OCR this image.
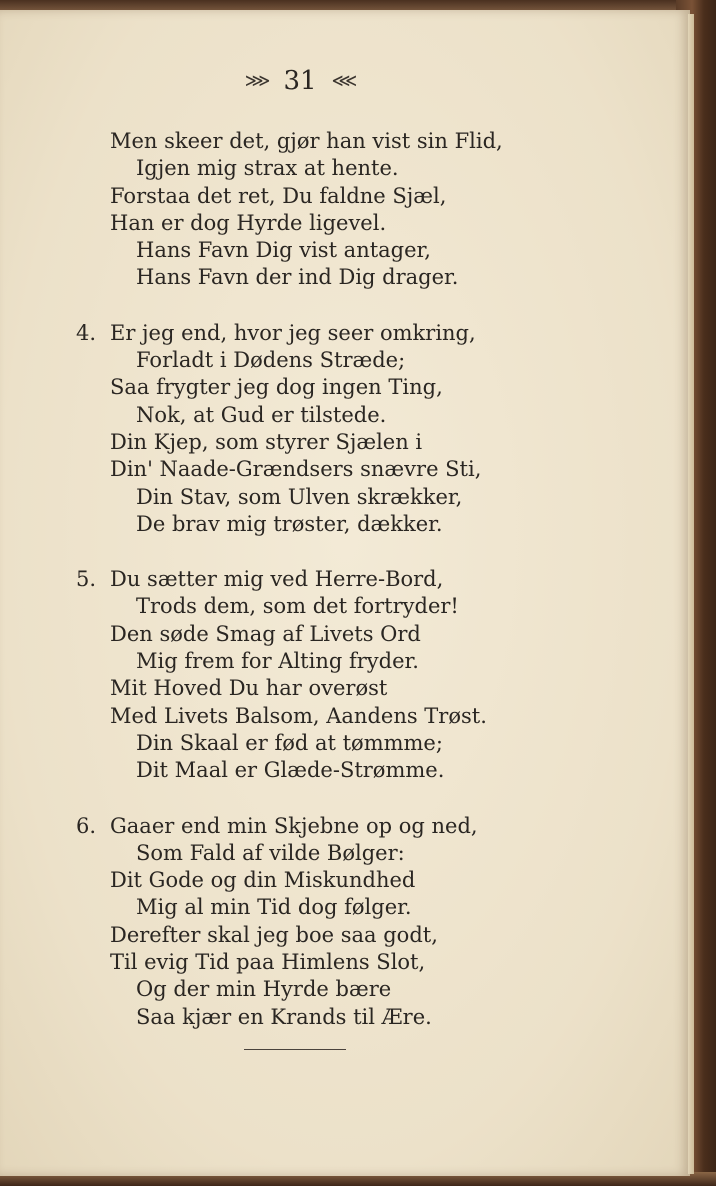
⋙ 31 ⋘
Men skeer det, gjør han vist sin Flid,
Igjen mig strax at hente.
Forstaa det ret, Du faldne Sjæl,
Han er dog Hyrde ligevel.
Hans Favn Dig vist antager,
Hans Favn der ind Dig drager.
4. Er jeg end, hvor jeg seer omkring,
Forladt i Dødens Stræde;
Saa frygter jeg dog ingen Ting,
Nok, at Gud er tilstede.
Din Kjep, som styrer Sjælen i
Din' Naade-Grændsers snævre Sti,
Din Stav, som Ulven skrækker,
De brav mig trøster, dækker.
5. Du sætter mig ved Herre-Bord,
Trods dem, som det fortryder!
Den søde Smag af Livets Ord
Mig frem for Alting fryder.
Mit Hoved Du har overøst
Med Livets Balsom, Aandens Trøst.
Din Skaal er fød at tømmme;
Dit Maal er Glæde-Strømme.
6. Gaaer end min Skjebne op og ned,
Som Fald af vilde Bølger:
Dit Gode og din Miskundhed
Mig al min Tid dog følger.
Derefter skal jeg boe saa godt,
Til evig Tid paa Himlens Slot,
Og der min Hyrde bære
Saa kjær en Krands til Ære.
